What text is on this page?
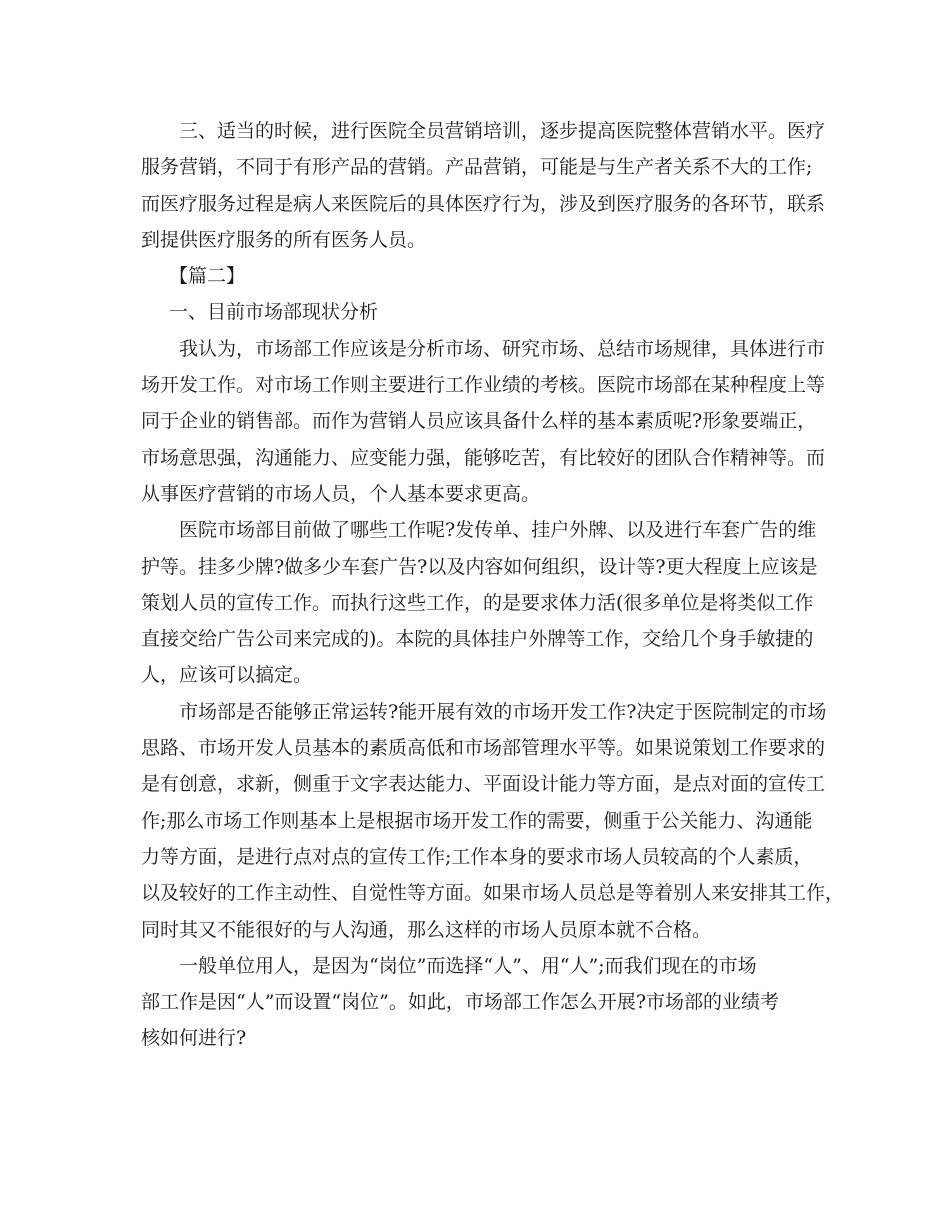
三、适当的时候，进行医院全员营销培训，逐步提高医院整体营销水平。医疗
服务营销，不同于有形产品的营销。产品营销，可能是与生产者关系不大的工作;
而医疗服务过程是病人来医院后的具体医疗行为，涉及到医疗服务的各环节，联系
到提供医疗服务的所有医务人员。
【篇二】
一、目前市场部现状分析
我认为，市场部工作应该是分析市场、研究市场、总结市场规律，具体进行市
场开发工作。对市场工作则主要进行工作业绩的考核。医院市场部在某种程度上等
同于企业的销售部。而作为营销人员应该具备什么样的基本素质呢?形象要端正，
市场意思强，沟通能力、应变能力强，能够吃苦，有比较好的团队合作精神等。而
从事医疗营销的市场人员，个人基本要求更高。
医院市场部目前做了哪些工作呢?发传单、挂户外牌、以及进行车套广告的维
护等。挂多少牌?做多少车套广告?以及内容如何组织，设计等?更大程度上应该是
策划人员的宣传工作。而执行这些工作，的是要求体力活(很多单位是将类似工作
直接交给广告公司来完成的)。本院的具体挂户外牌等工作，交给几个身手敏捷的
人，应该可以搞定。
市场部是否能够正常运转?能开展有效的市场开发工作?决定于医院制定的市场
思路、市场开发人员基本的素质高低和市场部管理水平等。如果说策划工作要求的
是有创意，求新，侧重于文字表达能力、平面设计能力等方面，是点对面的宣传工
作;那么市场工作则基本上是根据市场开发工作的需要，侧重于公关能力、沟通能
力等方面，是进行点对点的宣传工作;工作本身的要求市场人员较高的个人素质，
以及较好的工作主动性、自觉性等方面。如果市场人员总是等着别人来安排其工作，
同时其又不能很好的与人沟通，那么这样的市场人员原本就不合格。
一般单位用人，是因为“岗位”而选择“人”、用“人”;而我们现在的市场
部工作是因“人”而设置“岗位”。如此，市场部工作怎么开展?市场部的业绩考
核如何进行?
